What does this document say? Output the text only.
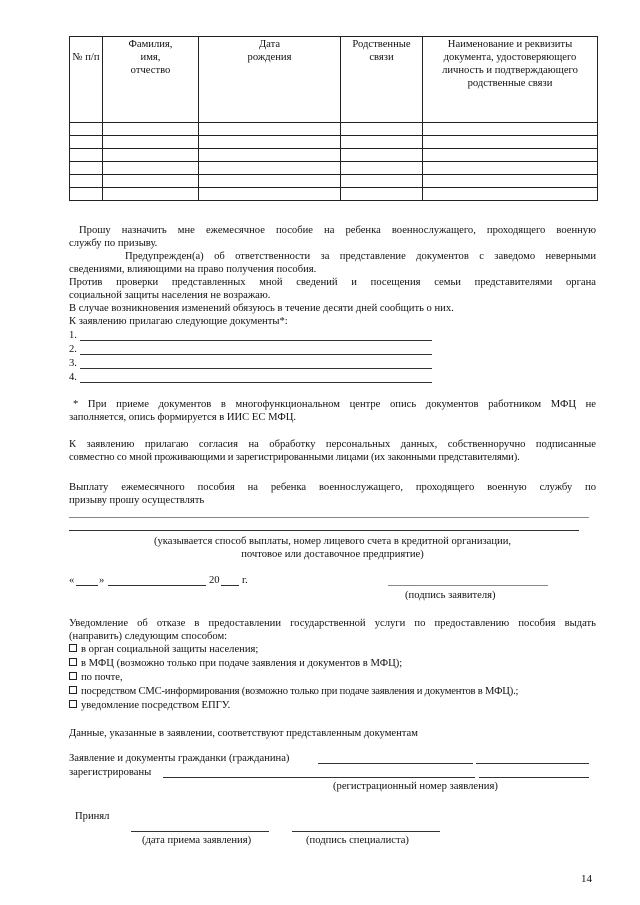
№ п/п	Фамилия, имя, отчество	Дата рождения	Родственные связи	Наименование и реквизиты документа, удостоверяющего личность и подтверждающего родственные связи

Прошу назначить мне ежемесячное пособие на ребенка военнослужащего, проходящего военную
службу по призыву.
Предупрежден(а) об ответственности за представление документов с заведомо неверными
сведениями, влияющими на право получения пособия.
Против проверки представленных мной сведений и посещения семьи представителями органа
социальной защиты населения не возражаю.
В случае возникновения изменений обязуюсь в течение десяти дней сообщить о них.
К заявлению прилагаю следующие документы*:
1.
2.
3.
4.
* При приеме документов в многофункциональном центре опись документов работником МФЦ не
заполняется, опись формируется в ИИС ЕС МФЦ.
К заявлению прилагаю согласия на обработку персональных данных, собственноручно подписанные
совместно со мной проживающими и зарегистрированными лицами (их законными представителями).
Выплату ежемесячного пособия на ребенка военнослужащего, проходящего военную службу по
призыву прошу осуществлять
(указывается способ выплаты, номер лицевого счета в кредитной организации,
почтовое или доставочное предприятие)
« »	20 г.
(подпись заявителя)
Уведомление об отказе в предоставлении государственной услуги по предоставлению пособия выдать
(направить) следующим способом:
в орган социальной защиты населения;
в МФЦ (возможно только при подаче заявления и документов в МФЦ);
по почте,
посредством СМС-информирования (возможно только при подаче заявления и документов в МФЦ).;
уведомление посредством ЕПГУ.
Данные, указанные в заявлении, соответствуют представленным документам
Заявление и документы гражданки (гражданина)
зарегистрированы
(регистрационный номер заявления)
Принял
(дата приема заявления)	(подпись специалиста)
14
